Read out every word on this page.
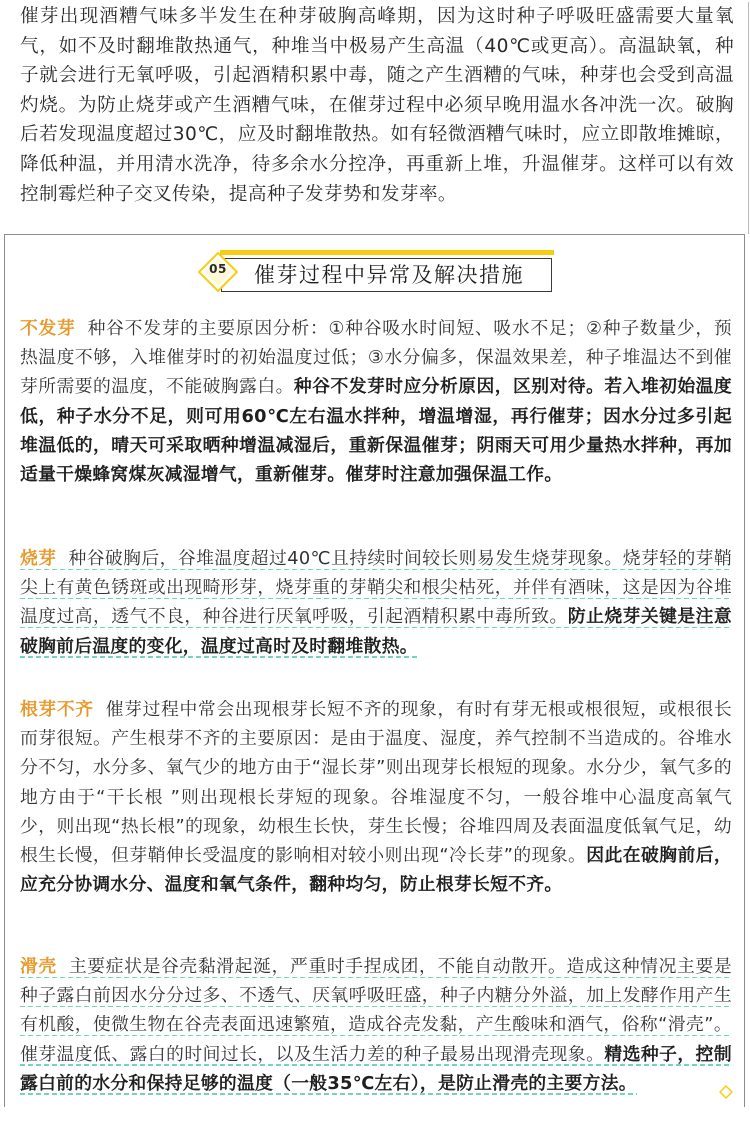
催芽出现酒糟气味多半发生在种芽破胸高峰期，因为这时种子呼吸旺盛需要大量氧气，如不及时翻堆散热通气，种堆当中极易产生高温（40℃或更高）。高温缺氧，种子就会进行无氧呼吸，引起酒精积累中毒，随之产生酒糟的气味，种芽也会受到高温灼烧。为防止烧芽或产生酒糟气味，在催芽过程中必须早晚用温水各冲洗一次。破胸后若发现温度超过30℃，应及时翻堆散热。如有轻微酒糟气味时，应立即散堆摊晾，降低种温，并用清水洗净，待多余水分控净，再重新上堆，升温催芽。这样可以有效控制霉烂种子交叉传染，提高种子发芽势和发芽率。
05	催芽过程中异常及解决措施
不发芽 种谷不发芽的主要原因分析：①种谷吸水时间短、吸水不足；②种子数量少，预热温度不够，入堆催芽时的初始温度过低；③水分偏多，保温效果差，种子堆温达不到催芽所需要的温度，不能破胸露白。种谷不发芽时应分析原因，区别对待。若入堆初始温度低，种子水分不足，则可用60℃左右温水拌种，增温增湿，再行催芽；因水分过多引起堆温低的，晴天可采取晒种增温减湿后，重新保温催芽；阴雨天可用少量热水拌种，再加适量干燥蜂窝煤灰减湿增气，重新催芽。催芽时注意加强保温工作。
烧芽 种谷破胸后，谷堆温度超过40℃且持续时间较长则易发生烧芽现象。烧芽轻的芽鞘尖上有黄色锈斑或出现畸形芽，烧芽重的芽鞘尖和根尖枯死，并伴有酒味，这是因为谷堆温度过高，透气不良，种谷进行厌氧呼吸，引起酒精积累中毒所致。防止烧芽关键是注意破胸前后温度的变化，温度过高时及时翻堆散热。
根芽不齐 催芽过程中常会出现根芽长短不齐的现象，有时有芽无根或根很短，或根很长而芽很短。产生根芽不齐的主要原因：是由于温度、湿度，养气控制不当造成的。谷堆水分不匀，水分多、氧气少的地方由于“湿长芽”则出现芽长根短的现象。水分少，氧气多的地方由于“干长根 ”则出现根长芽短的现象。谷堆湿度不匀，一般谷堆中心温度高氧气少，则出现“热长根”的现象，幼根生长快，芽生长慢；谷堆四周及表面温度低氧气足，幼根生长慢，但芽鞘伸长受温度的影响相对较小则出现“冷长芽”的现象。因此在破胸前后，应充分协调水分、温度和氧气条件，翻种均匀，防止根芽长短不齐。
滑壳 主要症状是谷壳黏滑起涎，严重时手捏成团，不能自动散开。造成这种情况主要是种子露白前因水分分过多、不透气、厌氧呼吸旺盛，种子内糖分外溢，加上发酵作用产生有机酸，使微生物在谷壳表面迅速繁殖，造成谷壳发黏，产生酸味和酒气，俗称“滑壳”。催芽温度低、露白的时间过长，以及生活力差的种子最易出现滑壳现象。精选种子，控制露白前的水分和保持足够的温度（一般35℃左右），是防止滑壳的主要方法。
